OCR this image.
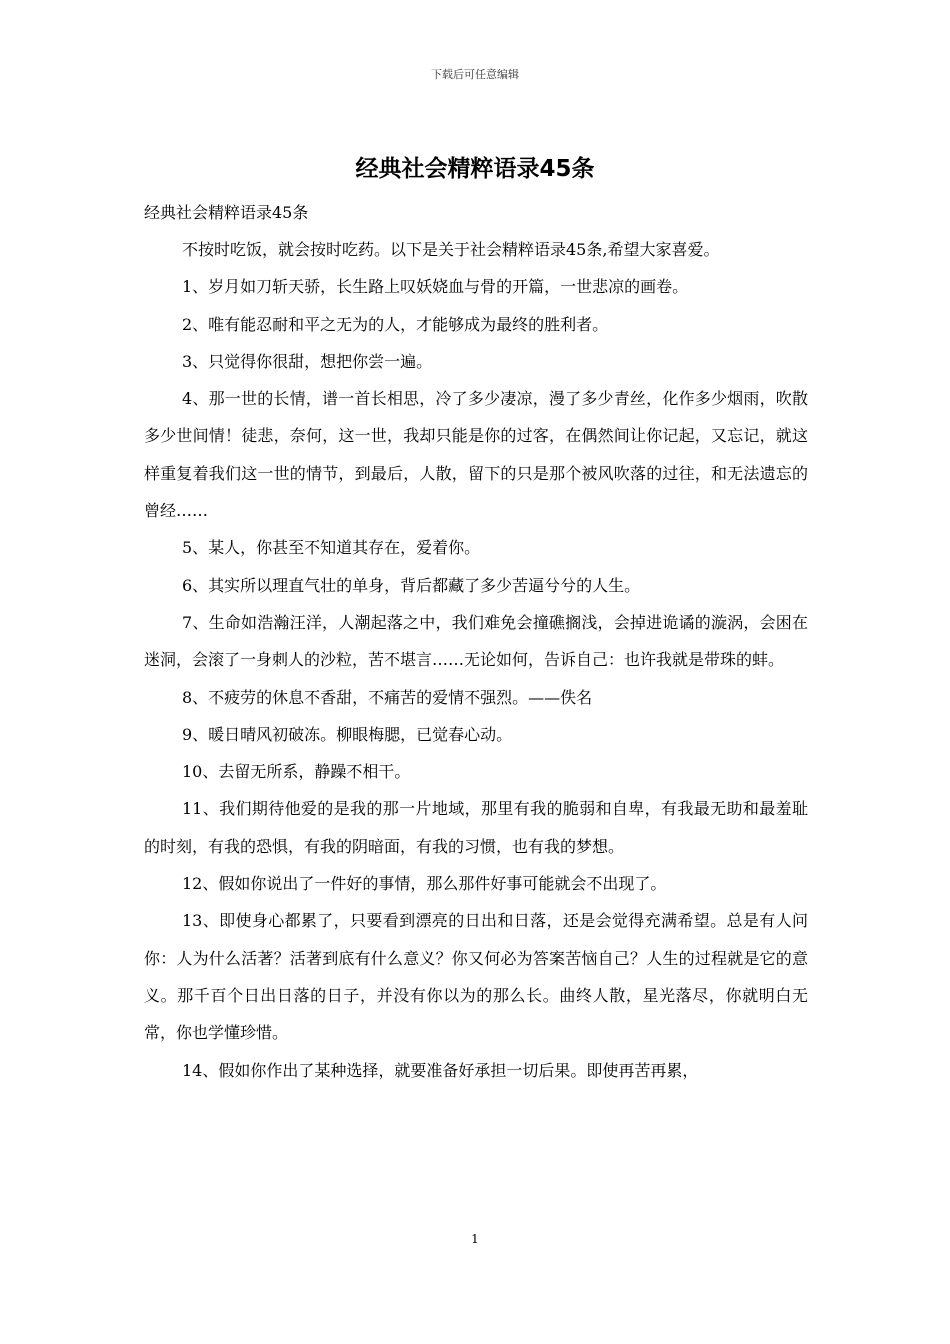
下载后可任意编辑
经典社会精粹语录45条
经典社会精粹语录45条

不按时吃饭，就会按时吃药。以下是关于社会精粹语录45条,希望大家喜爱。

1、岁月如刀斩天骄，长生路上叹妖娆血与骨的开篇，一世悲凉的画卷。

2、唯有能忍耐和平之无为的人，才能够成为最终的胜利者。

3、只觉得你很甜，想把你尝一遍。

4、那一世的长情，谱一首长相思，冷了多少凄凉，漫了多少青丝，化作多少烟雨，吹散多少世间情！徒悲，奈何，这一世，我却只能是你的过客，在偶然间让你记起，又忘记，就这样重复着我们这一世的情节，到最后，人散，留下的只是那个被风吹落的过往，和无法遗忘的曾经……

5、某人，你甚至不知道其存在，爱着你。

6、其实所以理直气壮的单身，背后都藏了多少苦逼兮兮的人生。

7、生命如浩瀚汪洋，人潮起落之中，我们难免会撞礁搁浅，会掉进诡谲的漩涡，会困在迷洞，会滚了一身刺人的沙粒，苦不堪言……无论如何，告诉自己：也许我就是带珠的蚌。

8、不疲劳的休息不香甜，不痛苦的爱情不强烈。——佚名

9、暖日晴风初破冻。柳眼梅腮，已觉春心动。

10、去留无所系，静躁不相干。

11、我们期待他爱的是我的那一片地域，那里有我的脆弱和自卑，有我最无助和最羞耻的时刻，有我的恐惧，有我的阴暗面，有我的习惯，也有我的梦想。

12、假如你说出了一件好的事情，那么那件好事可能就会不出现了。

13、即使身心都累了，只要看到漂亮的日出和日落，还是会觉得充满希望。总是有人问你：人为什么活著？活著到底有什么意义？你又何必为答案苦恼自己？人生的过程就是它的意义。那千百个日出日落的日子，并没有你以为的那么长。曲终人散，星光落尽，你就明白无常，你也学懂珍惜。

14、假如你作出了某种选择，就要准备好承担一切后果。即使再苦再累，

1
